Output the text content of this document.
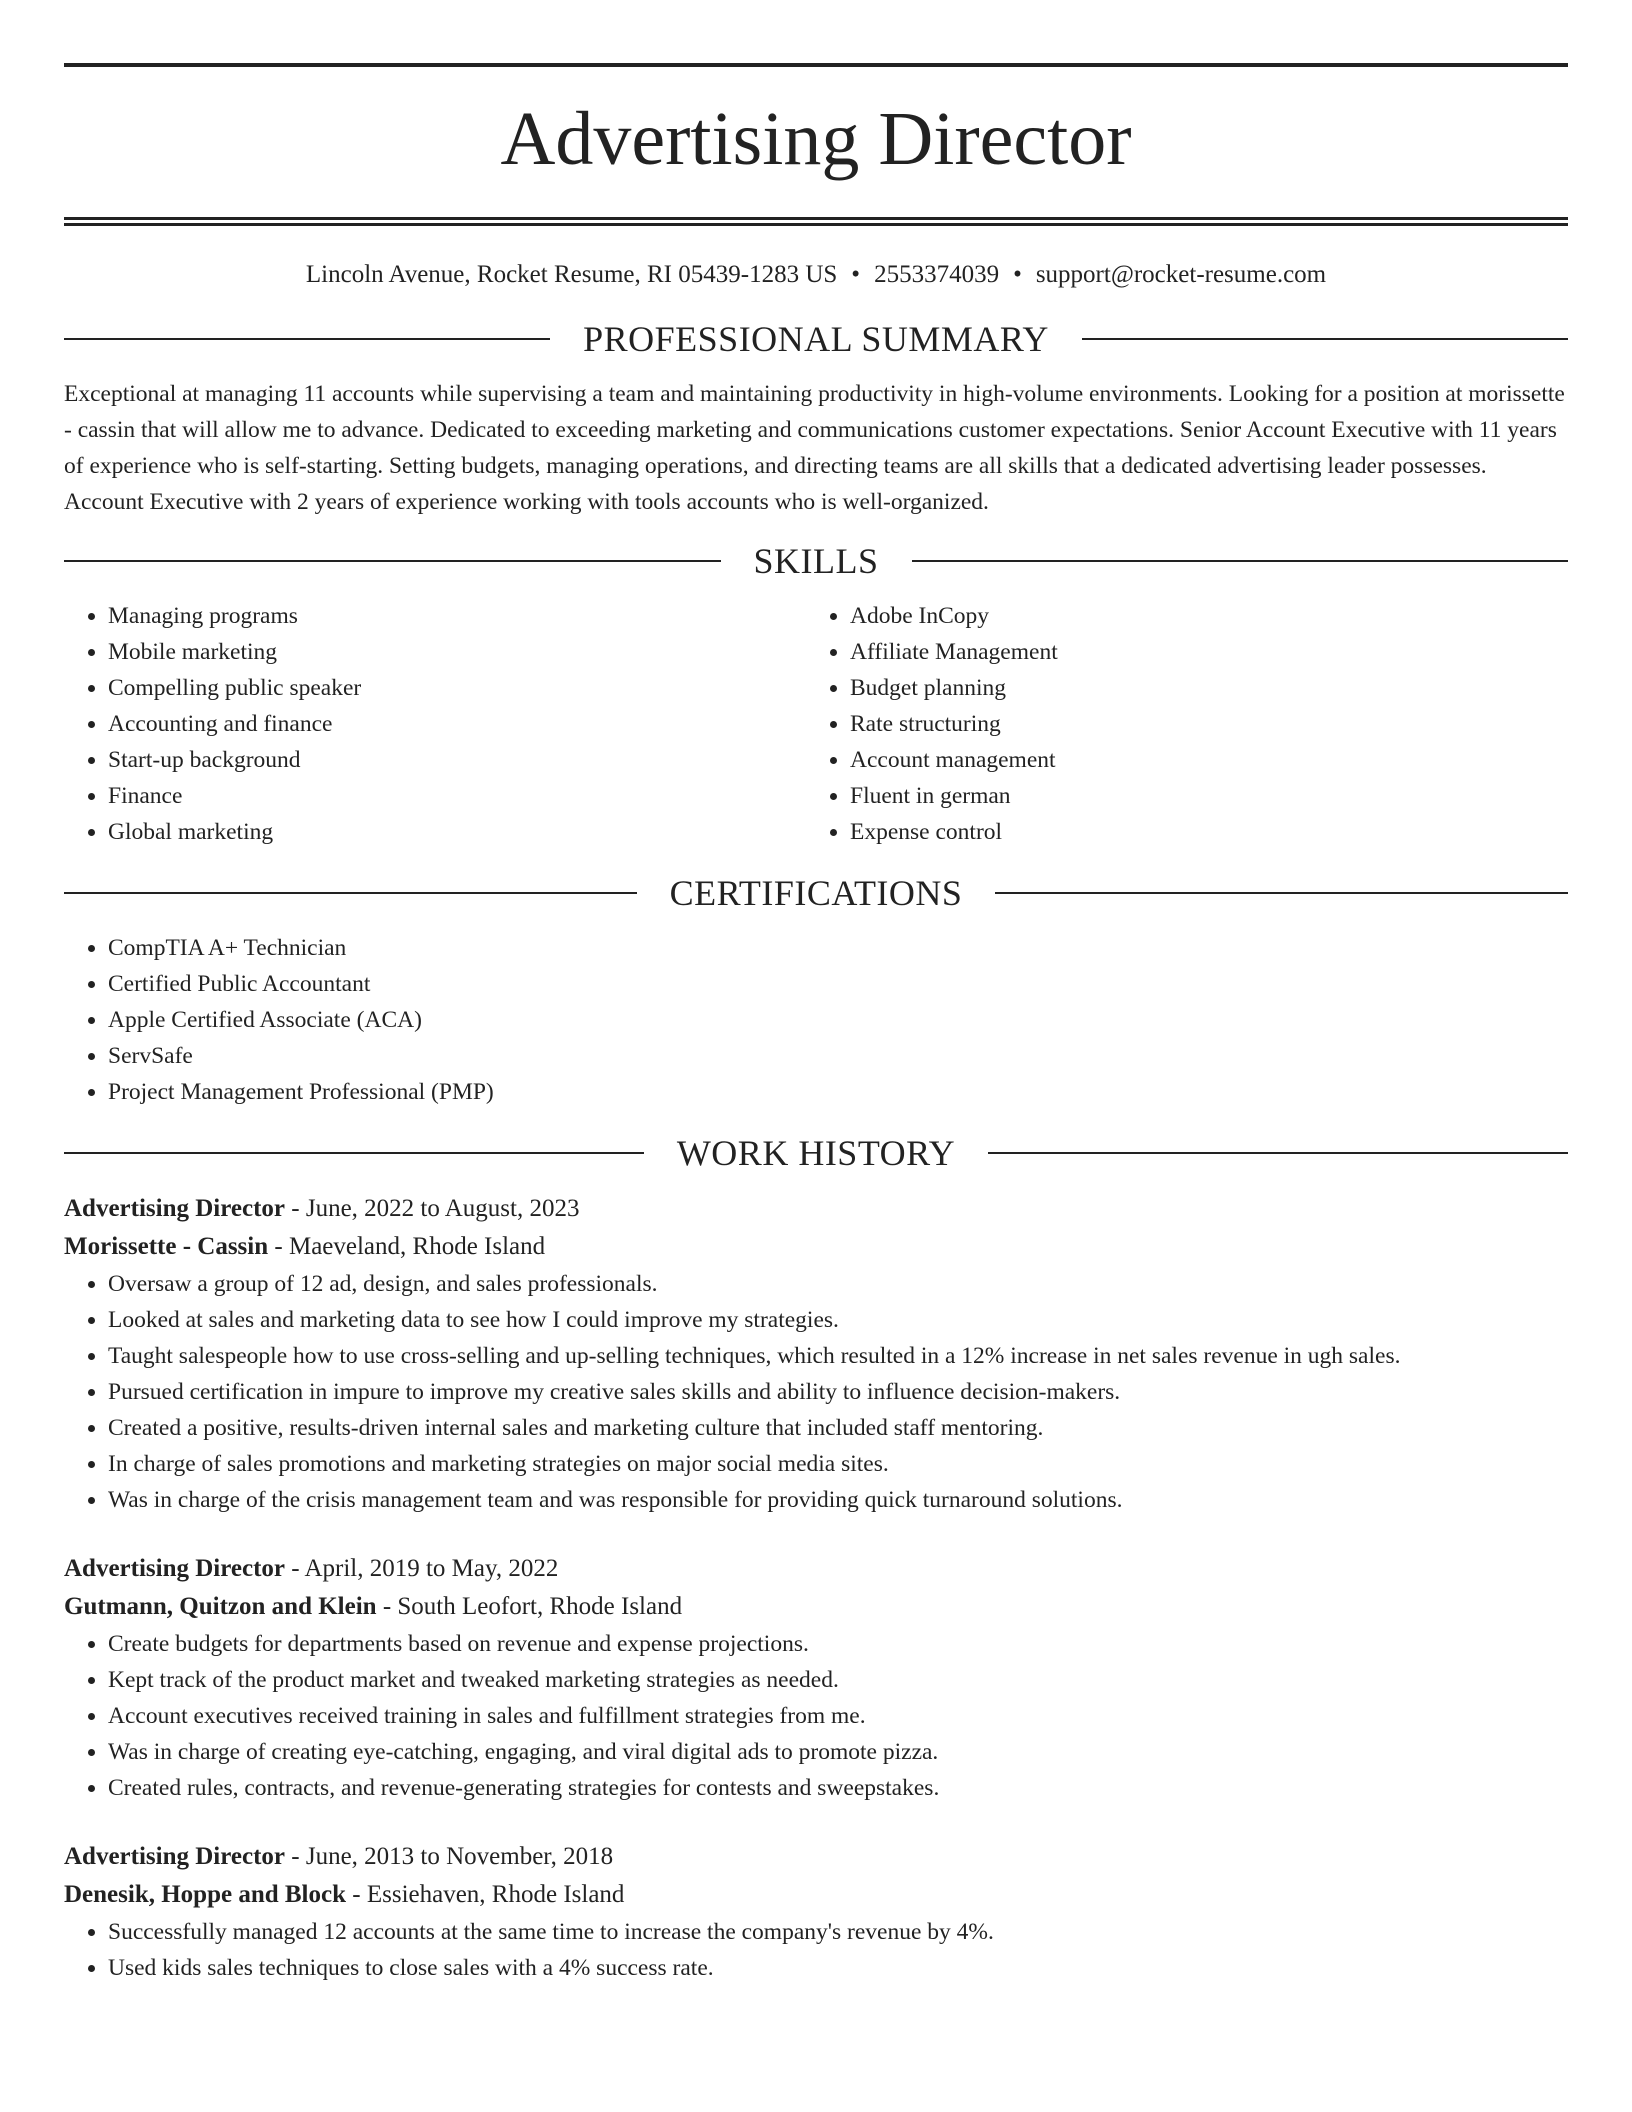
Advertising Director
Lincoln Avenue, Rocket Resume, RI 05439-1283 US • 2553374039 • support@rocket-resume.com
PROFESSIONAL SUMMARY
Exceptional at managing 11 accounts while supervising a team and maintaining productivity in high-volume environments. Looking for a position at morissette - cassin that will allow me to advance. Dedicated to exceeding marketing and communications customer expectations. Senior Account Executive with 11 years of experience who is self-starting. Setting budgets, managing operations, and directing teams are all skills that a dedicated advertising leader possesses. Account Executive with 2 years of experience working with tools accounts who is well-organized.
SKILLS
• Managing programs
• Mobile marketing
• Compelling public speaker
• Accounting and finance
• Start-up background
• Finance
• Global marketing
• Adobe InCopy
• Affiliate Management
• Budget planning
• Rate structuring
• Account management
• Fluent in german
• Expense control
CERTIFICATIONS
• CompTIA A+ Technician
• Certified Public Accountant
• Apple Certified Associate (ACA)
• ServSafe
• Project Management Professional (PMP)
WORK HISTORY
Advertising Director - June, 2022 to August, 2023
Morissette - Cassin - Maeveland, Rhode Island
• Oversaw a group of 12 ad, design, and sales professionals.
• Looked at sales and marketing data to see how I could improve my strategies.
• Taught salespeople how to use cross-selling and up-selling techniques, which resulted in a 12% increase in net sales revenue in ugh sales.
• Pursued certification in impure to improve my creative sales skills and ability to influence decision-makers.
• Created a positive, results-driven internal sales and marketing culture that included staff mentoring.
• In charge of sales promotions and marketing strategies on major social media sites.
• Was in charge of the crisis management team and was responsible for providing quick turnaround solutions.
Advertising Director - April, 2019 to May, 2022
Gutmann, Quitzon and Klein - South Leofort, Rhode Island
• Create budgets for departments based on revenue and expense projections.
• Kept track of the product market and tweaked marketing strategies as needed.
• Account executives received training in sales and fulfillment strategies from me.
• Was in charge of creating eye-catching, engaging, and viral digital ads to promote pizza.
• Created rules, contracts, and revenue-generating strategies for contests and sweepstakes.
Advertising Director - June, 2013 to November, 2018
Denesik, Hoppe and Block - Essiehaven, Rhode Island
• Successfully managed 12 accounts at the same time to increase the company's revenue by 4%.
• Used kids sales techniques to close sales with a 4% success rate.
